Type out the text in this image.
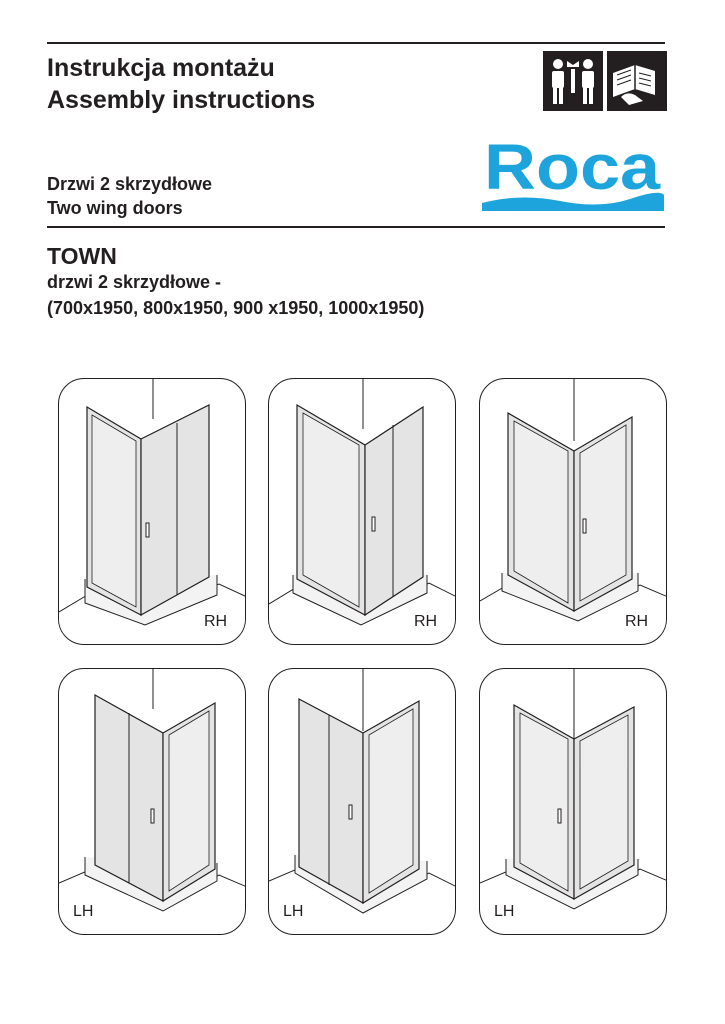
Instrukcja montażu
Assembly instructions
Roca
Drzwi 2 skrzydłowe
Two wing doors
TOWN
drzwi 2 skrzydłowe -
(700x1950, 800x1950, 900 x1950, 1000x1950)
RH	RH	RH
LH	LH	LH
